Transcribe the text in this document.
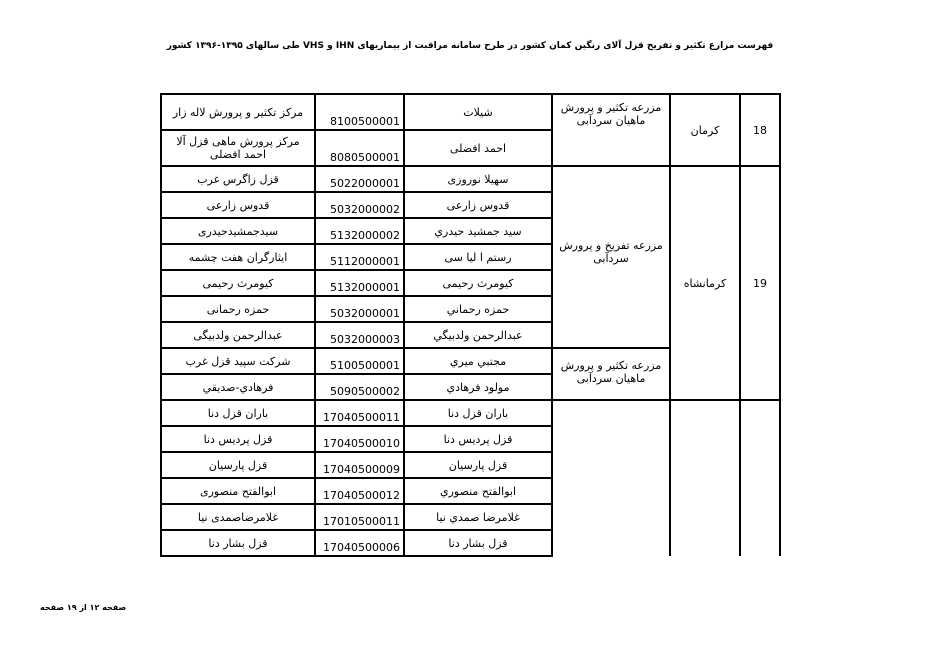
فهرست مزارع تکثیر و تفریخ قزل آلای رنگین کمان کشور در طرح سامانه مراقبت از بیماریهای IHN و VHS طی سالهای ۱۳۹۵-۱۳۹۶ کشور
مرکز تکثیر و پرورش لاله زار	8100500001	شیلات	مزرعه تکثیر و پرورش ماهیان سردآبی	کرمان	18
مرکز پرورش ماهی قزل آلا احمد افضلی	8080500001	احمد افضلی			
قزل زاگرس غرب	5022000001	سهیلا نوروزی	مزرعه تفریخ و پرورش سردآبی	کرمانشاه	19
قدوس زارعی	5032000002	قدوس زارعی			
سیدجمشیدحیدری	5132000002	سید جمشید حیدري			
ایثارگران هفت چشمه	5112000001	رستم ا لیا سی			
کیومرث رحیمی	5132000001	کیومرث رحیمی			
حمزه رحمانی	5032000001	حمزه رحماني			
عبدالرحمن ولدبیگی	5032000003	عبدالرحمن ولدبيگي			
شرکت سپید قزل غرب	5100500001	مجتبي ميري	مزرعه تکثیر و پرورش ماهیان سردآبی		
فرهادي-صديقي	5090500002	مولود فرهادي			
باران قزل دنا	17040500011	باران قزل دنا			
قزل پردیس دنا	17040500010	قزل پرديس دنا			
قزل پارسیان	17040500009	قزل پارسيان			
ابوالفتح منصوری	17040500012	ابوالفتح منصوري			
غلامرضاصمدی نیا	17010500011	غلامرضا صمدي نيا			
قزل بشار دنا	17040500006	قزل بشار دنا			
صفحه ۱۲ از ۱۹ صفحه
